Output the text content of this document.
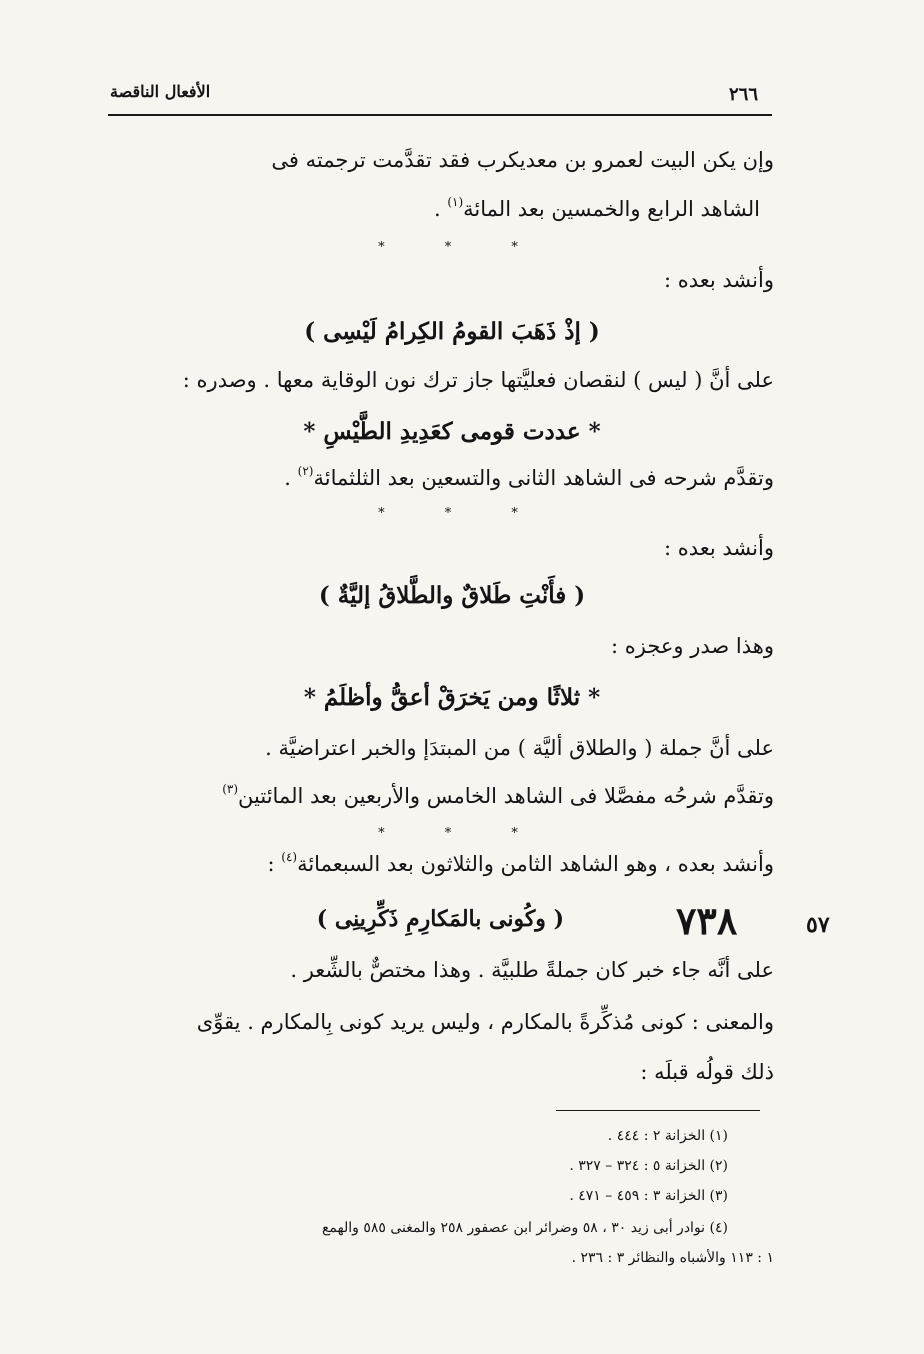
الأفعال الناقصة	٢٦٦
وإن يكن البيت لعمرو بن معديكرب فقد تقدَّمت ترجمته فى
الشاهد الرابع والخمسين بعد المائة$^{(١)}$ .
* * *
وأنشد بعده :
( إذْ ذَهَبَ القومُ الكِرامُ لَيْسِى )
على أنَّ ( ليس ) لنقصان فعليَّتها جاز ترك نون الوقاية معها . وصدره :
* عددت قومى كعَدِيدِ الطَّيْسِ *
وتقدَّم شرحه فى الشاهد الثانى والتسعين بعد الثلثمائة$^{(٢)}$ .
* * *
وأنشد بعده :
( فأَنْتِ طَلاقٌ والطَّلاقُ إليَّةٌ )
وهذا صدر وعجزه :
* ثلاثًا ومن يَخرَقْ أعقُّ وأظلَمُ *
على أنَّ جملة ( والطلاق أليَّة ) من المبتدَإ والخبر اعتراضيَّة .
وتقدَّم شرحُه مفصَّلا فى الشاهد الخامس والأربعين بعد المائتين$^{(٣)}$
* * *
وأنشد بعده ، وهو الشاهد الثامن والثلاثون بعد السبعمائة$^{(٤)}$ :
٧٣٨	٥٧
( وكُونى بالمَكارِمِ ذَكِّرِينِى )
على أنَّه جاء خبر كان جملةً طلبيَّة . وهذا مختصٌّ بالشِّعر .
والمعنى : كونى مُذكِّرةً بالمكارم ، وليس يريد كونى بِالمكارم . يقوِّى
ذلك قولُه قبلَه :
(١) الخزانة ٢ : ٤٤٤ .
(٢) الخزانة ٥ : ٣٢٤ – ٣٢٧ .
(٣) الخزانة ٣ : ٤٥٩ – ٤٧١ .
(٤) نوادر أبى زيد ٣٠ ، ٥٨ وضرائر ابن عصفور ٢٥٨ والمغنى ٥٨٥ والهمع
١ : ١١٣ والأشباه والنظائر ٣ : ٢٣٦ .
